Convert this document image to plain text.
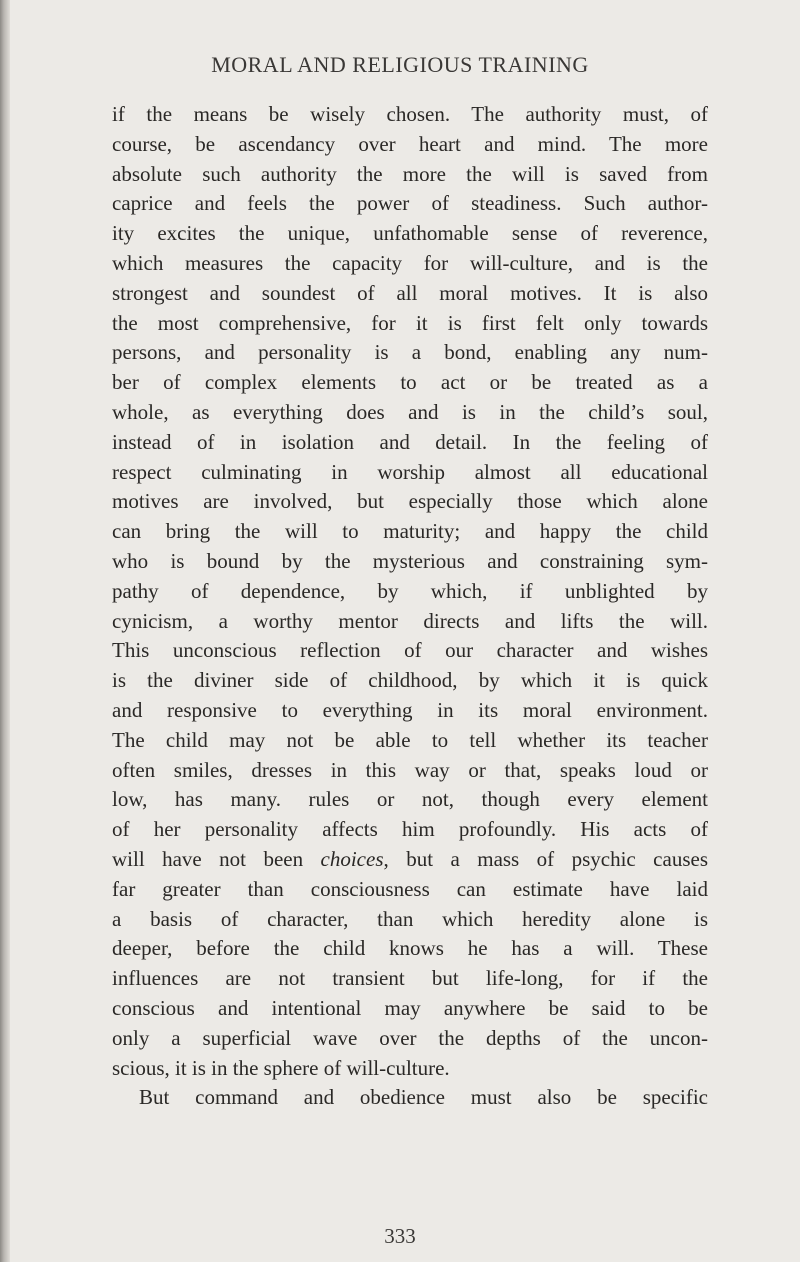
MORAL AND RELIGIOUS TRAINING
if the means be wisely chosen. The authority must, of
course, be ascendancy over heart and mind. The more
absolute such authority the more the will is saved from
caprice and feels the power of steadiness. Such author-
ity excites the unique, unfathomable sense of reverence,
which measures the capacity for will-culture, and is the
strongest and soundest of all moral motives. It is also
the most comprehensive, for it is first felt only towards
persons, and personality is a bond, enabling any num-
ber of complex elements to act or be treated as a
whole, as everything does and is in the child’s soul,
instead of in isolation and detail. In the feeling of
respect culminating in worship almost all educational
motives are involved, but especially those which alone
can bring the will to maturity; and happy the child
who is bound by the mysterious and constraining sym-
pathy of dependence, by which, if unblighted by
cynicism, a worthy mentor directs and lifts the will.
This unconscious reflection of our character and wishes
is the diviner side of childhood, by which it is quick
and responsive to everything in its moral environment.
The child may not be able to tell whether its teacher
often smiles, dresses in this way or that, speaks loud or
low, has many. rules or not, though every element
of her personality affects him profoundly. His acts of
will have not been choices, but a mass of psychic causes
far greater than consciousness can estimate have laid
a basis of character, than which heredity alone is
deeper, before the child knows he has a will. These
influences are not transient but life-long, for if the
conscious and intentional may anywhere be said to be
only a superficial wave over the depths of the uncon-
scious, it is in the sphere of will-culture.
But command and obedience must also be specific

333
